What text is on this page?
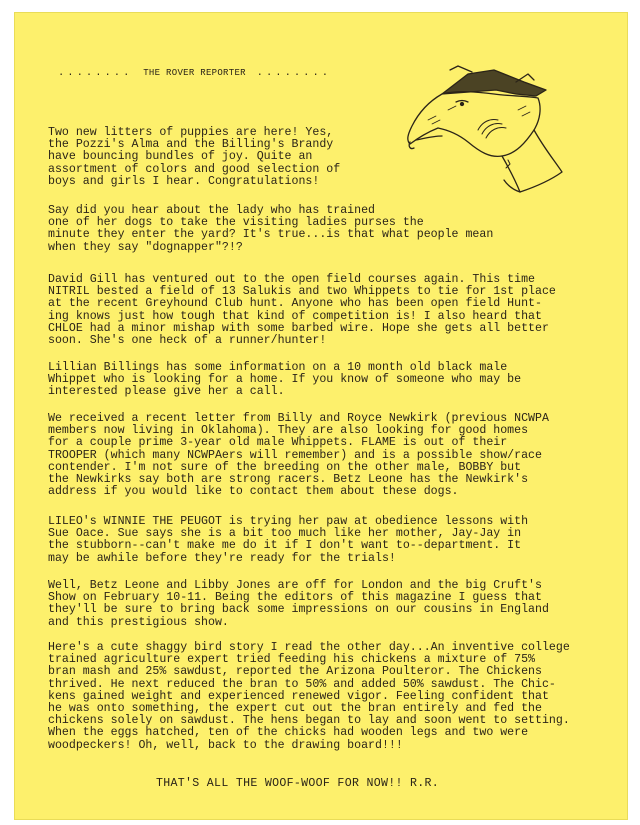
........ THE ROVER REPORTER ........
Two new litters of puppies are here! Yes,
the Pozzi's Alma and the Billing's Brandy
have bouncing bundles of joy. Quite an
assortment of colors and good selection of
boys and girls I hear. Congratulations!
Say did you hear about the lady who has trained
one of her dogs to take the visiting ladies purses the
minute they enter the yard? It's true...is that what people mean
when they say "dognapper"?!?
David Gill has ventured out to the open field courses again. This time
NITRIL bested a field of 13 Salukis and two Whippets to tie for 1st place
at the recent Greyhound Club hunt. Anyone who has been open field Hunt-
ing knows just how tough that kind of competition is! I also heard that
CHLOE had a minor mishap with some barbed wire. Hope she gets all better
soon. She's one heck of a runner/hunter!
Lillian Billings has some information on a 10 month old black male
Whippet who is looking for a home. If you know of someone who may be
interested please give her a call.
We received a recent letter from Billy and Royce Newkirk (previous NCWPA
members now living in Oklahoma). They are also looking for good homes
for a couple prime 3-year old male Whippets. FLAME is out of their
TROOPER (which many NCWPAers will remember) and is a possible show/race
contender. I'm not sure of the breeding on the other male, BOBBY but
the Newkirks say both are strong racers. Betz Leone has the Newkirk's
address if you would like to contact them about these dogs.
LILEO's WINNIE THE PEUGOT is trying her paw at obedience lessons with
Sue Oace. Sue says she is a bit too much like her mother, Jay-Jay in
the stubborn--can't make me do it if I don't want to--department. It
may be awhile before they're ready for the trials!
Well, Betz Leone and Libby Jones are off for London and the big Cruft's
Show on February 10-11. Being the editors of this magazine I guess that
they'll be sure to bring back some impressions on our cousins in England
and this prestigious show.
Here's a cute shaggy bird story I read the other day...An inventive college
trained agriculture expert tried feeding his chickens a mixture of 75%
bran mash and 25% sawdust, reported the Arizona Poulteror. The Chickens
thrived. He next reduced the bran to 50% and added 50% sawdust. The Chic-
kens gained weight and experienced renewed vigor. Feeling confident that
he was onto something, the expert cut out the bran entirely and fed the
chickens solely on sawdust. The hens began to lay and soon went to setting.
When the eggs hatched, ten of the chicks had wooden legs and two were
woodpeckers! Oh, well, back to the drawing board!!!
THAT'S ALL THE WOOF-WOOF FOR NOW!! R.R.
